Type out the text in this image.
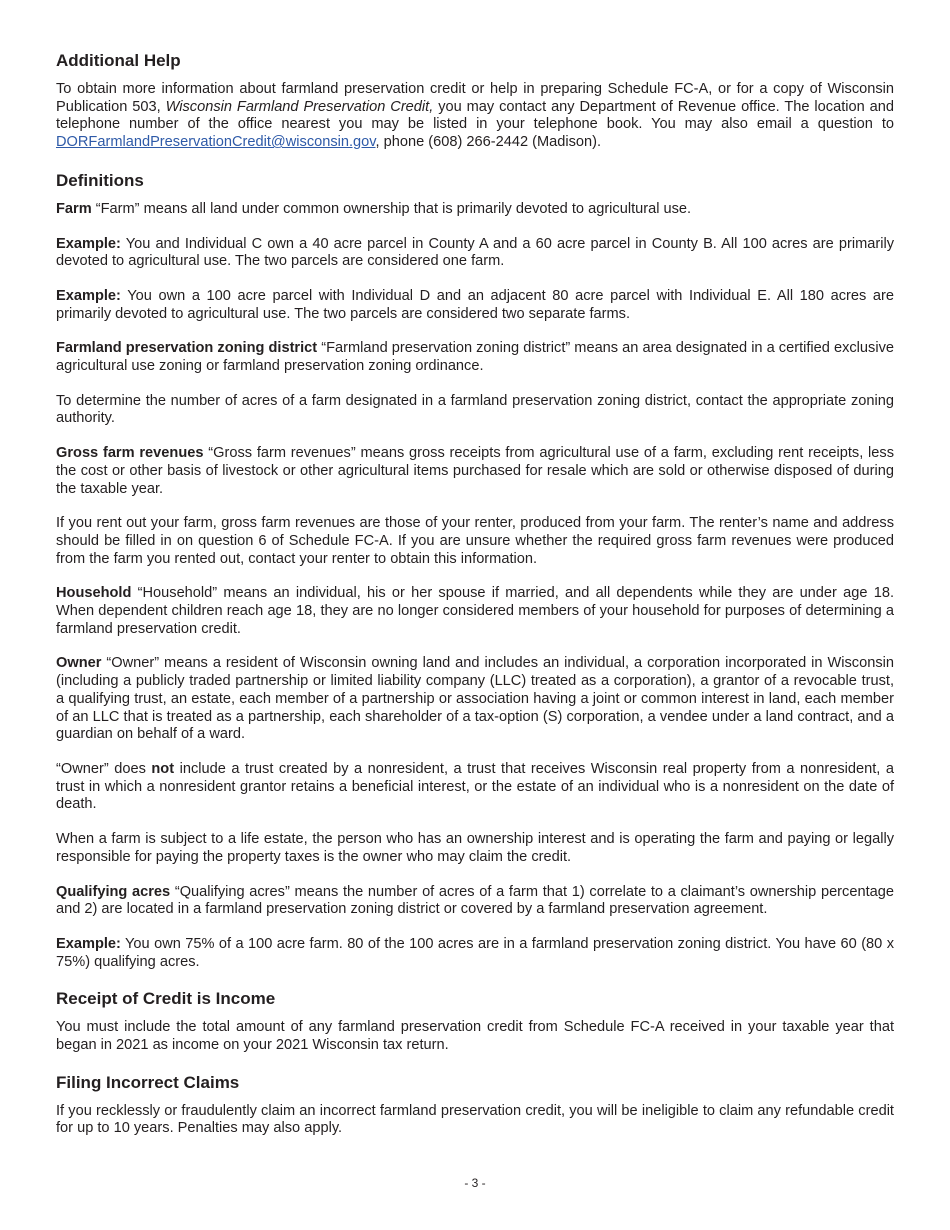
Additional Help

To obtain more information about farmland preservation credit or help in preparing Schedule FC-A, or for a copy of Wisconsin Publication 503, Wisconsin Farmland Preservation Credit, you may contact any Department of Revenue office. The location and telephone number of the office nearest you may be listed in your telephone book. You may also email a question to DORFarmlandPreservationCredit@wisconsin.gov, phone (608) 266-2442 (Madison).

Definitions

Farm “Farm” means all land under common ownership that is primarily devoted to agricultural use.

Example: You and Individual C own a 40 acre parcel in County A and a 60 acre parcel in County B. All 100 acres are primarily devoted to agricultural use. The two parcels are considered one farm.

Example: You own a 100 acre parcel with Individual D and an adjacent 80 acre parcel with Individual E. All 180 acres are primarily devoted to agricultural use. The two parcels are considered two separate farms.

Farmland preservation zoning district “Farmland preservation zoning district” means an area designated in a certified exclusive agricultural use zoning or farmland preservation zoning ordinance.

To determine the number of acres of a farm designated in a farmland preservation zoning district, contact the appropriate zoning authority.

Gross farm revenues “Gross farm revenues” means gross receipts from agricultural use of a farm, excluding rent receipts, less the cost or other basis of livestock or other agricultural items purchased for resale which are sold or otherwise disposed of during the taxable year.

If you rent out your farm, gross farm revenues are those of your renter, produced from your farm. The renter’s name and address should be filled in on question 6 of Schedule FC-A. If you are unsure whether the required gross farm revenues were produced from the farm you rented out, contact your renter to obtain this information.

Household “Household” means an individual, his or her spouse if married, and all dependents while they are under age 18. When dependent children reach age 18, they are no longer considered members of your household for purposes of determining a farmland preservation credit.

Owner “Owner” means a resident of Wisconsin owning land and includes an individual, a corporation incorporated in Wisconsin (including a publicly traded partnership or limited liability company (LLC) treated as a corporation), a grantor of a revocable trust, a qualifying trust, an estate, each member of a partnership or association having a joint or common interest in land, each member of an LLC that is treated as a partnership, each shareholder of a tax-option (S) corporation, a vendee under a land contract, and a guardian on behalf of a ward.

“Owner” does not include a trust created by a nonresident, a trust that receives Wisconsin real property from a nonresident, a trust in which a nonresident grantor retains a beneficial interest, or the estate of an individual who is a nonresident on the date of death.

When a farm is subject to a life estate, the person who has an ownership interest and is operating the farm and paying or legally responsible for paying the property taxes is the owner who may claim the credit.

Qualifying acres “Qualifying acres” means the number of acres of a farm that 1) correlate to a claimant’s ownership percentage and 2) are located in a farmland preservation zoning district or covered by a farmland preservation agreement.

Example: You own 75% of a 100 acre farm. 80 of the 100 acres are in a farmland preservation zoning district. You have 60 (80 x 75%) qualifying acres.

Receipt of Credit is Income

You must include the total amount of any farmland preservation credit from Schedule FC-A received in your taxable year that began in 2021 as income on your 2021 Wisconsin tax return.

Filing Incorrect Claims

If you recklessly or fraudulently claim an incorrect farmland preservation credit, you will be ineligible to claim any refundable credit for up to 10 years. Penalties may also apply.

- 3 -
